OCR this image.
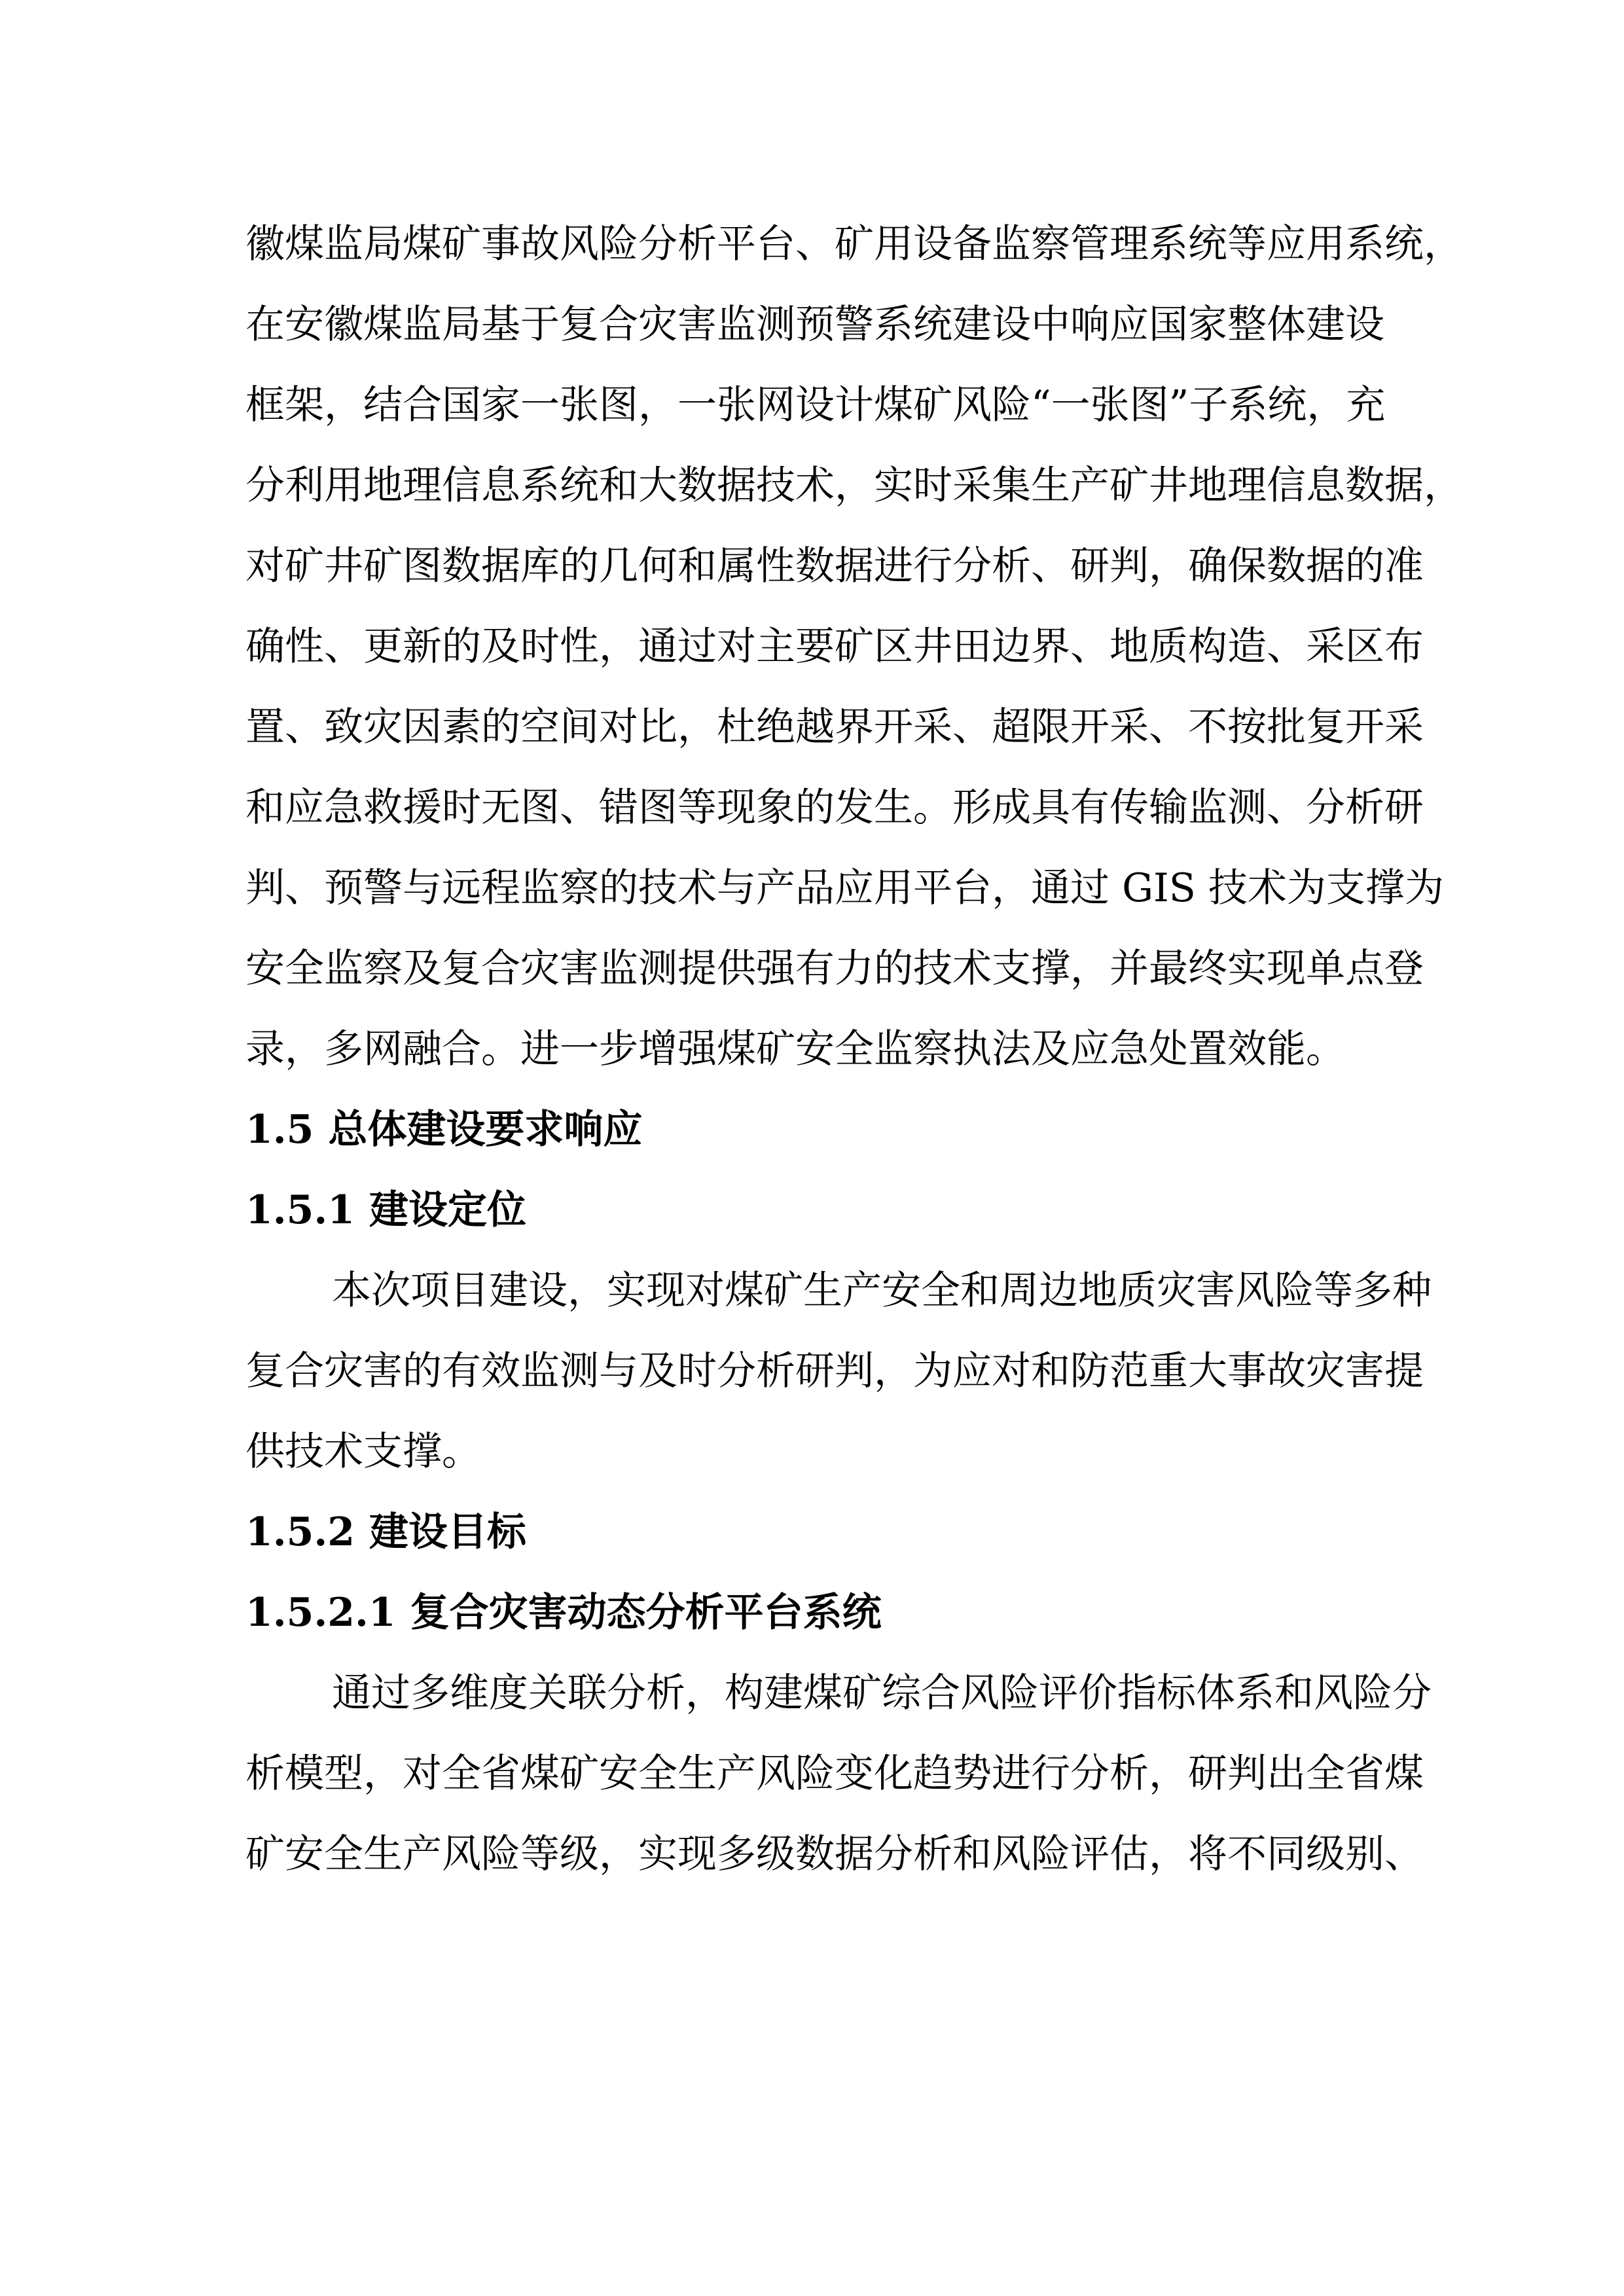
徽煤监局煤矿事故风险分析平台、矿用设备监察管理系统等应用系统，
在安徽煤监局基于复合灾害监测预警系统建设中响应国家整体建设
框架，结合国家一张图，一张网设计煤矿风险“一张图”子系统，充
分利用地理信息系统和大数据技术，实时采集生产矿井地理信息数据，
对矿井矿图数据库的几何和属性数据进行分析、研判，确保数据的准
确性、更新的及时性，通过对主要矿区井田边界、地质构造、采区布
置、致灾因素的空间对比，杜绝越界开采、超限开采、不按批复开采
和应急救援时无图、错图等现象的发生。形成具有传输监测、分析研
判、预警与远程监察的技术与产品应用平台，通过 GIS 技术为支撑为
安全监察及复合灾害监测提供强有力的技术支撑，并最终实现单点登
录，多网融合。进一步增强煤矿安全监察执法及应急处置效能。
1.5 总体建设要求响应
1.5.1 建设定位
本次项目建设，实现对煤矿生产安全和周边地质灾害风险等多种
复合灾害的有效监测与及时分析研判，为应对和防范重大事故灾害提
供技术支撑。
1.5.2 建设目标
1.5.2.1 复合灾害动态分析平台系统
通过多维度关联分析，构建煤矿综合风险评价指标体系和风险分
析模型，对全省煤矿安全生产风险变化趋势进行分析，研判出全省煤
矿安全生产风险等级，实现多级数据分析和风险评估，将不同级别、
